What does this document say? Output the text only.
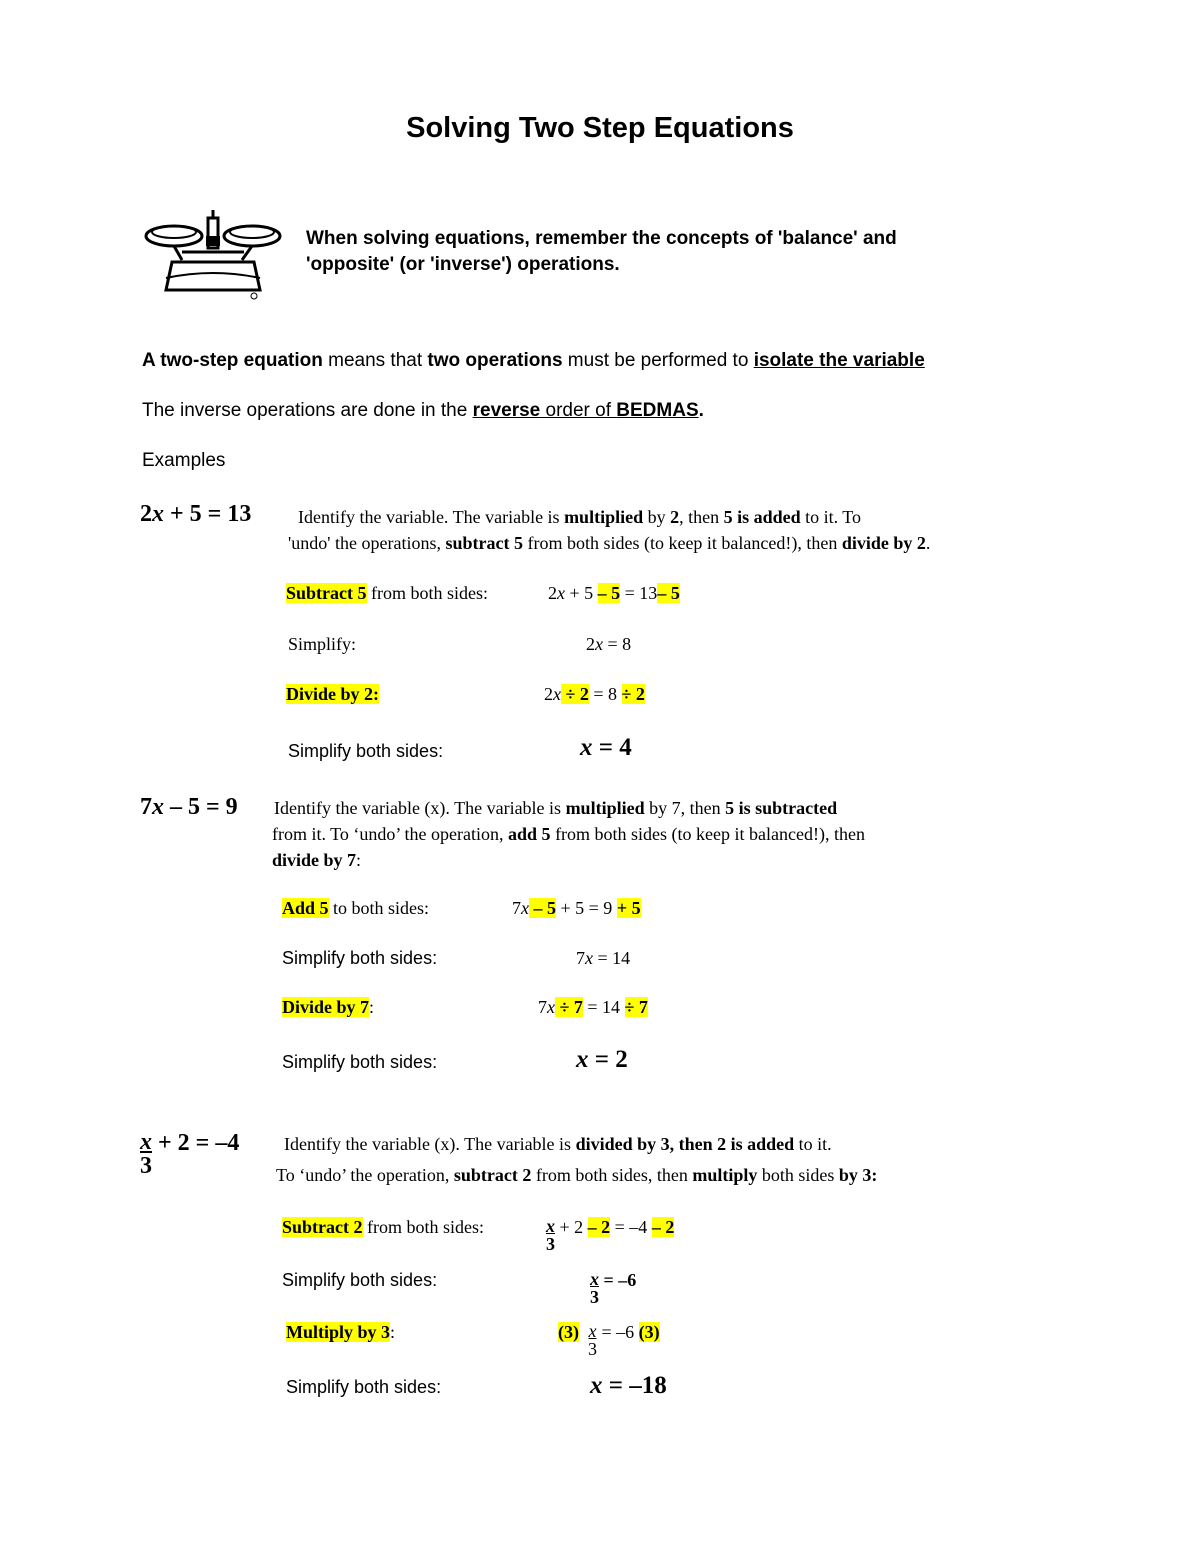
Solving Two Step Equations
When solving equations, remember the concepts of 'balance' and
'opposite' (or 'inverse') operations.
A two-step equation means that two operations must be performed to isolate the variable
The inverse operations are done in the reverse order of BEDMAS.
Examples
2x + 5 = 13	Identify the variable. The variable is multiplied by 2, then 5 is added to it. To
'undo' the operations, subtract 5 from both sides (to keep it balanced!), then divide by 2.
Subtract 5 from both sides:	2x + 5 – 5 = 13– 5
Simplify:	2x = 8
Divide by 2:	2x ÷ 2 = 8 ÷ 2
Simplify both sides:	x = 4
7x – 5 = 9 Identify the variable (x). The variable is multiplied by 7, then 5 is subtracted
from it. To ‘undo’ the operation, add 5 from both sides (to keep it balanced!), then
divide by 7:
Add 5 to both sides:	7x – 5 + 5 = 9 + 5
Simplify both sides:	7x = 14
Divide by 7:	7x ÷ 7 = 14 ÷ 7
Simplify both sides:	x = 2
$\frac{x}{3} + 2 = -4$ Identify the variable (x). The variable is divided by 3, then 2 is added to it.
To ‘undo’ the operation, subtract 2 from both sides, then multiply both sides by 3:
Subtract 2 from both sides:	$\frac{x}{3} + 2 - 2 = -4 - 2$
Simplify both sides:	$\frac{x}{3} = -6$
Multiply by 3:	$(3) \frac{x}{3} = -6$ (3)
Simplify both sides:	x = –18
